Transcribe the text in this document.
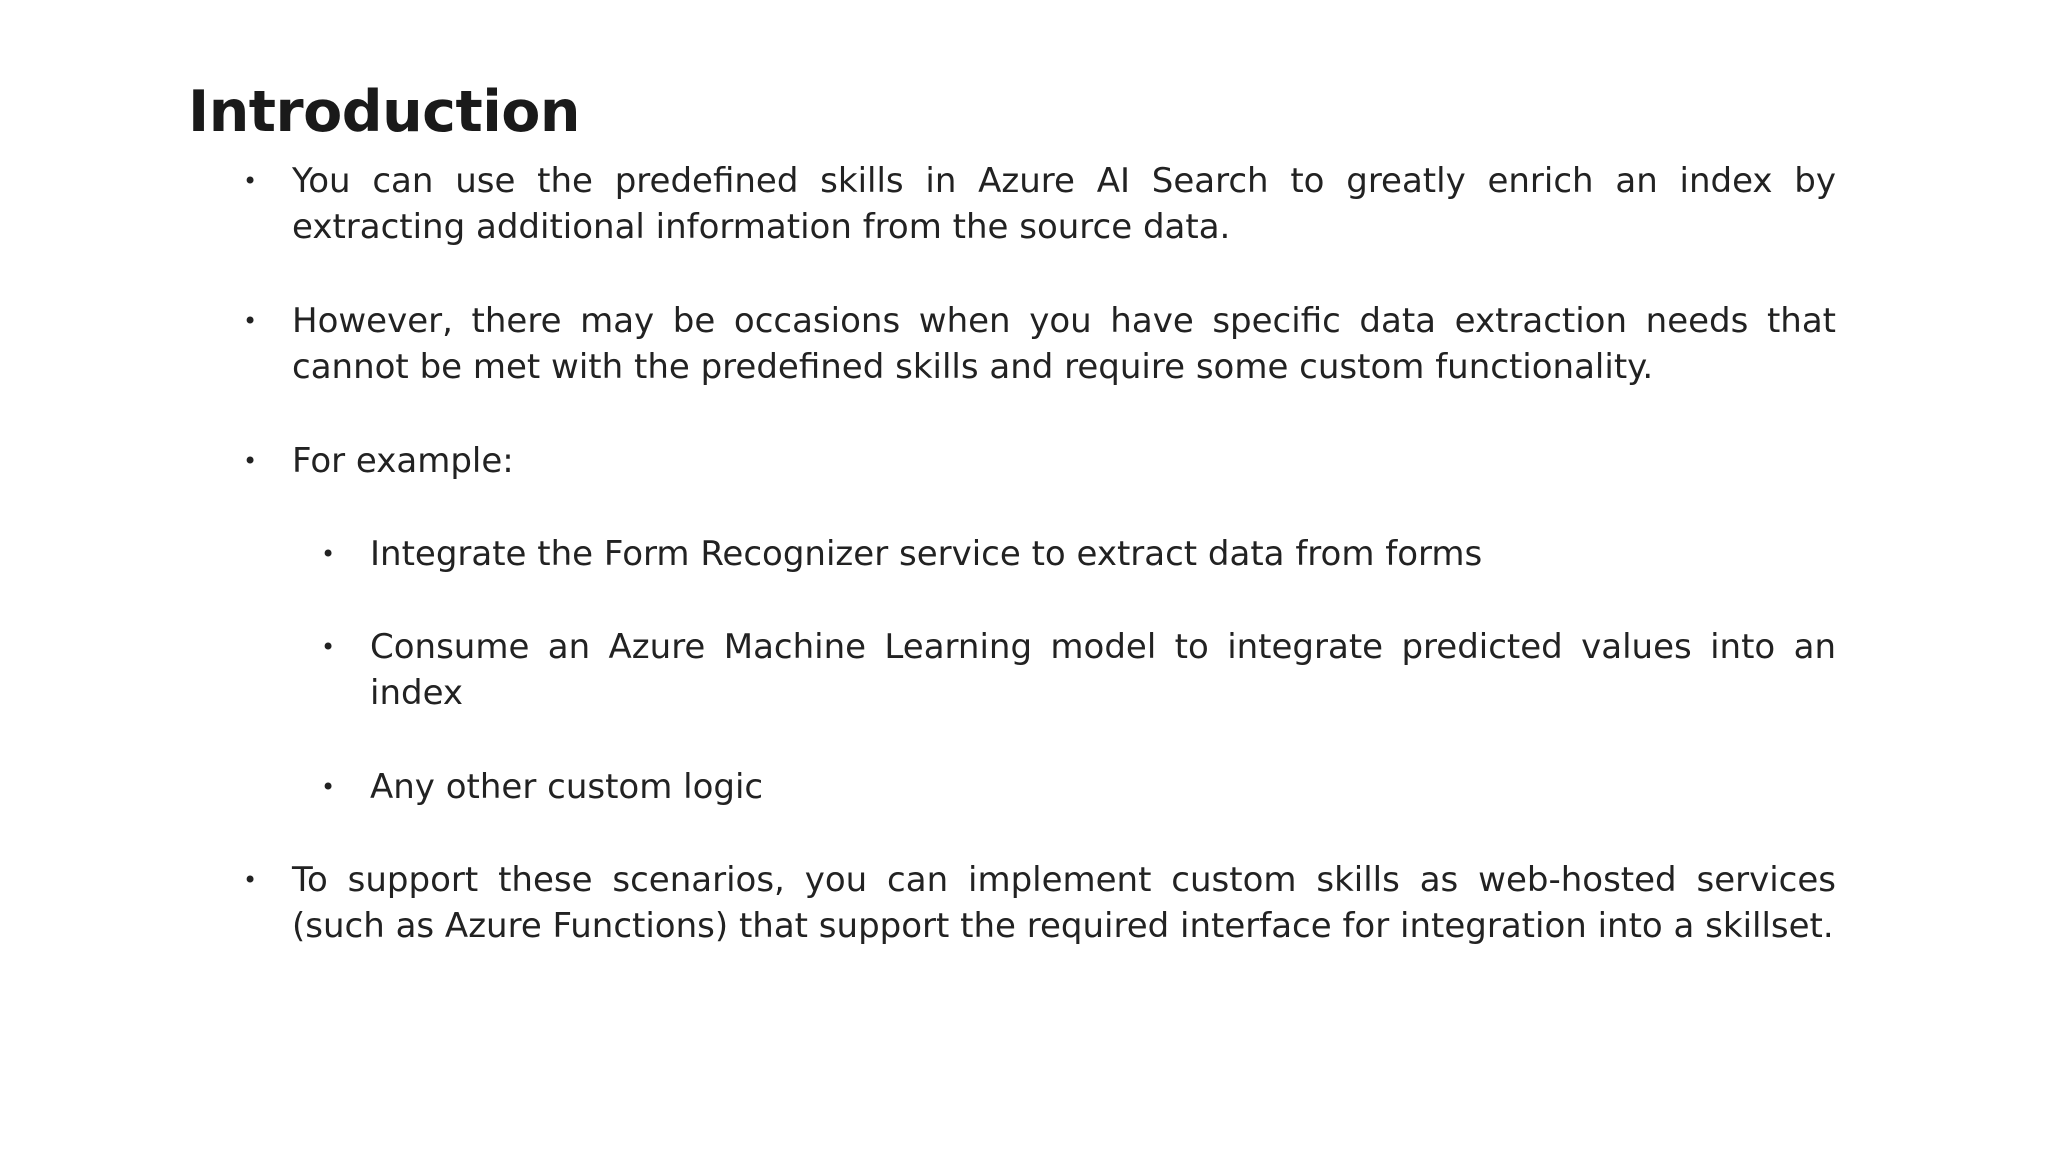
Introduction
• You can use the predefined skills in Azure AI Search to greatly enrich an index by extracting additional information from the source data.
• However, there may be occasions when you have specific data extraction needs that cannot be met with the predefined skills and require some custom functionality.
• For example:
• Integrate the Form Recognizer service to extract data from forms
• Consume an Azure Machine Learning model to integrate predicted values into an index
• Any other custom logic
• To support these scenarios, you can implement custom skills as web-hosted services (such as Azure Functions) that support the required interface for integration into a skillset.
